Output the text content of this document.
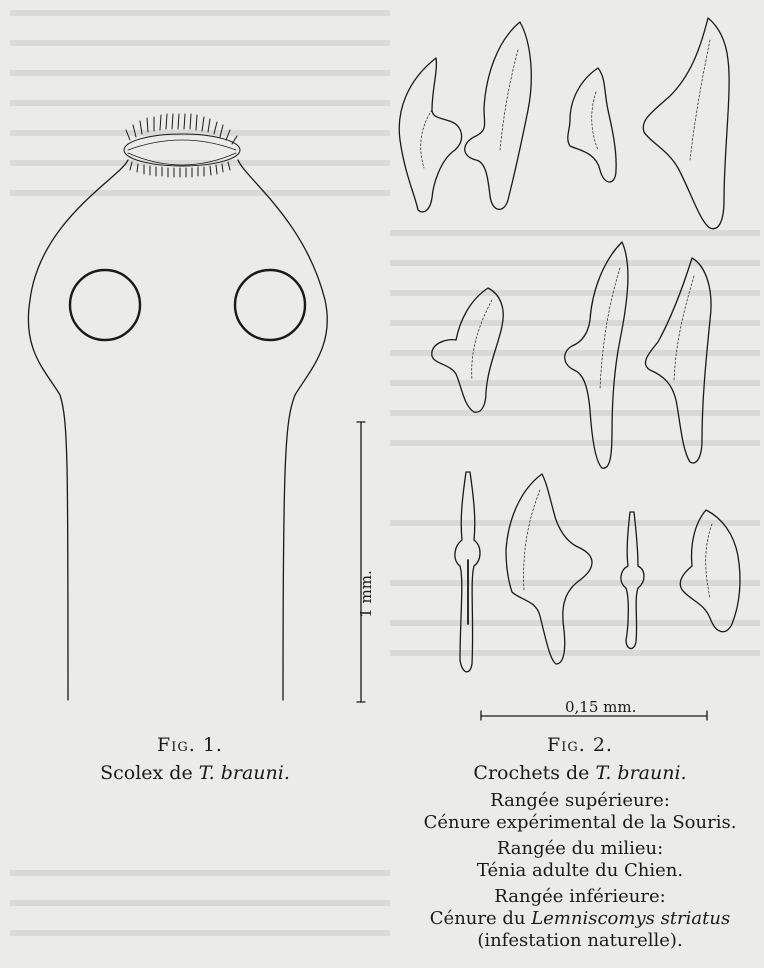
1 mm.
0,15 mm.
Fig. 1.
Scolex de T. brauni.
Fig. 2.
Crochets de T. brauni.
Rangée supérieure:
Cénure expérimental de la Souris.
Rangée du milieu:
Ténia adulte du Chien.
Rangée inférieure:
Cénure du Lemniscomys striatus
(infestation naturelle).
